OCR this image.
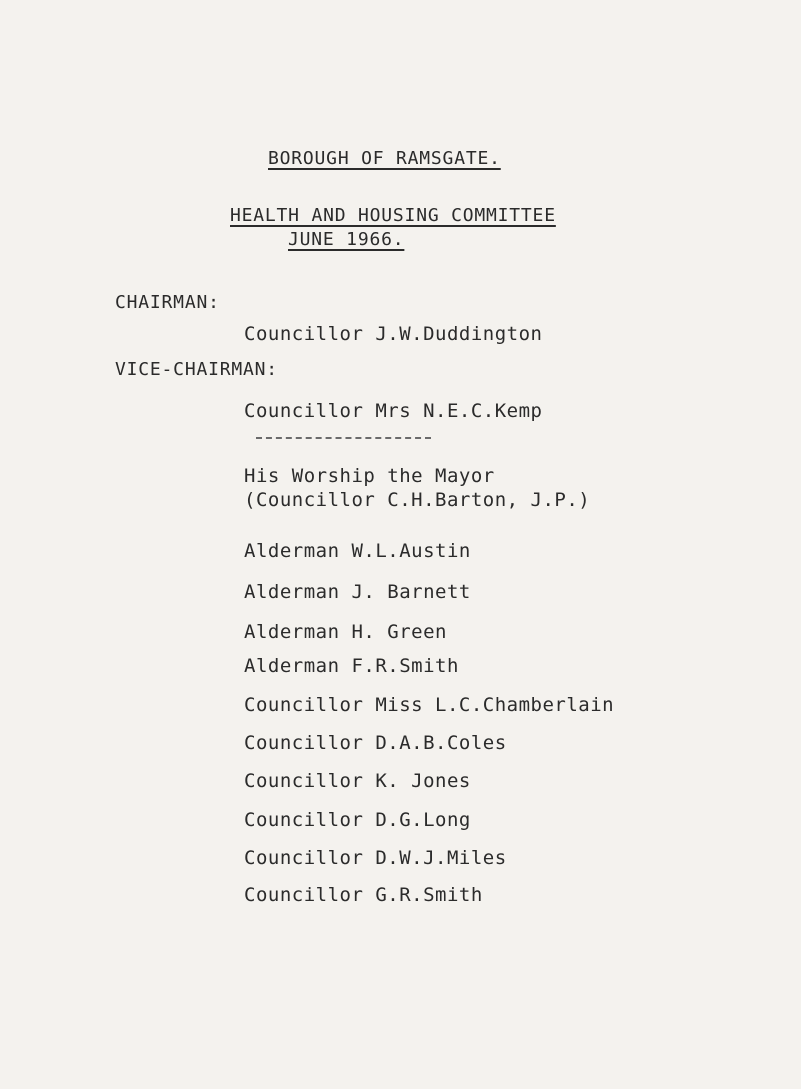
BOROUGH OF RAMSGATE.
HEALTH AND HOUSING COMMITTEE
JUNE 1966.
CHAIRMAN:
Councillor J.W.Duddington
VICE-CHAIRMAN:
Councillor Mrs N.E.C.Kemp
His Worship the Mayor
(Councillor C.H.Barton, J.P.)
Alderman W.L.Austin
Alderman J. Barnett
Alderman H. Green
Alderman F.R.Smith
Councillor Miss L.C.Chamberlain
Councillor D.A.B.Coles
Councillor K. Jones
Councillor D.G.Long
Councillor D.W.J.Miles
Councillor G.R.Smith
